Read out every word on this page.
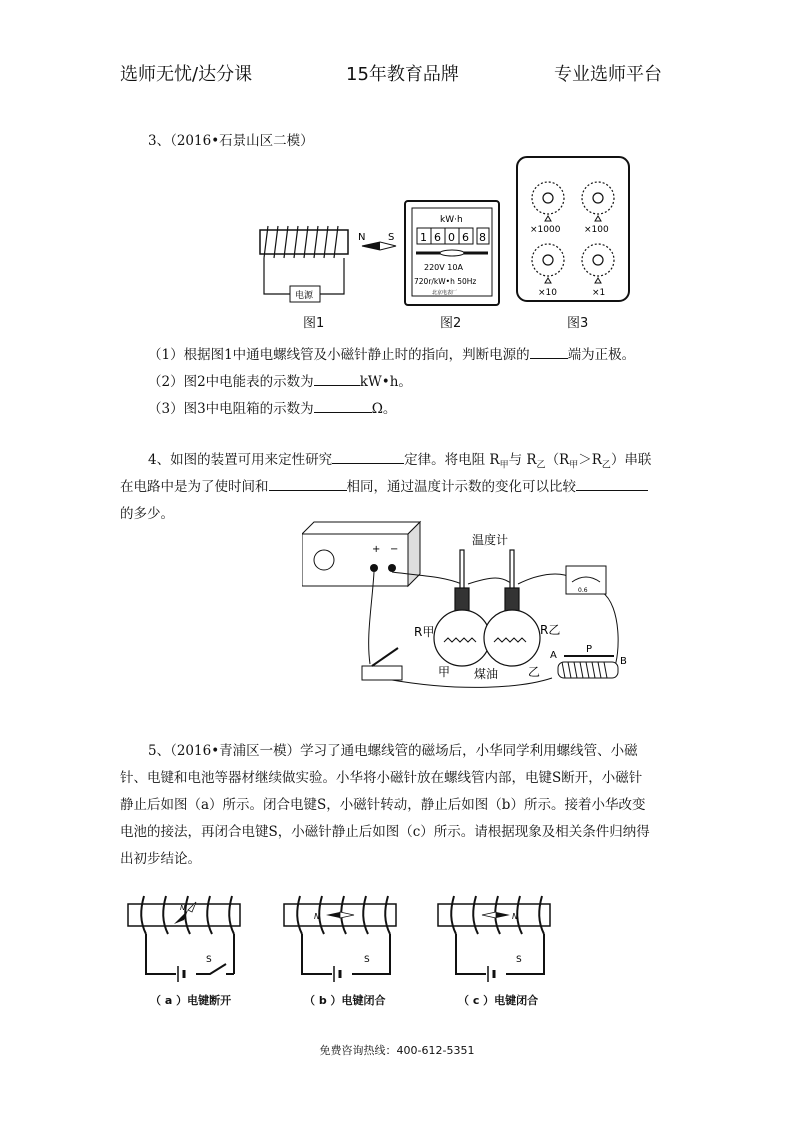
选师无忧/达分课	15年教育品牌	专业选师平台
3、（2016•石景山区二模）
电源
N S
图1
kW·h
1 6 0 6 8
220V 10A
720r/kW•h 50Hz
北京电表厂
图2
×1000	×100
×10	×1
图3
（1）根据图1中通电螺线管及小磁针静止时的指向，判断电源的	端为正极。
（2）图2中电能表的示数为	kW•h。
（3）图3中电阻箱的示数为	Ω。
4、如图的装置可用来定性研究	定律。将电阻 $R_甲$与 $R_乙(R_甲>R_乙)$串联
在电路中是为了使时间和	相同，通过温度计示数的变化可以比较
的多少。
+ −
温度计
R甲	R乙
甲 煤油 乙
0.6
A
P
B
5、（2016•青浦区一模）学习了通电螺线管的磁场后，小华同学利用螺线管、小磁
针、电键和电池等器材继续做实验。小华将小磁针放在螺线管内部，电键S断开，小磁针
静止后如图（a）所示。闭合电键S，小磁针转动，静止后如图（b）所示。接着小华改变
电池的接法，再闭合电键S，小磁针静止后如图（c）所示。请根据现象及相关条件归纳得
出初步结论。
N
S
（ a ）电键断开
N
S
（ b ）电键闭合
N
S
（ c ）电键闭合
免费咨询热线：400-612-5351
